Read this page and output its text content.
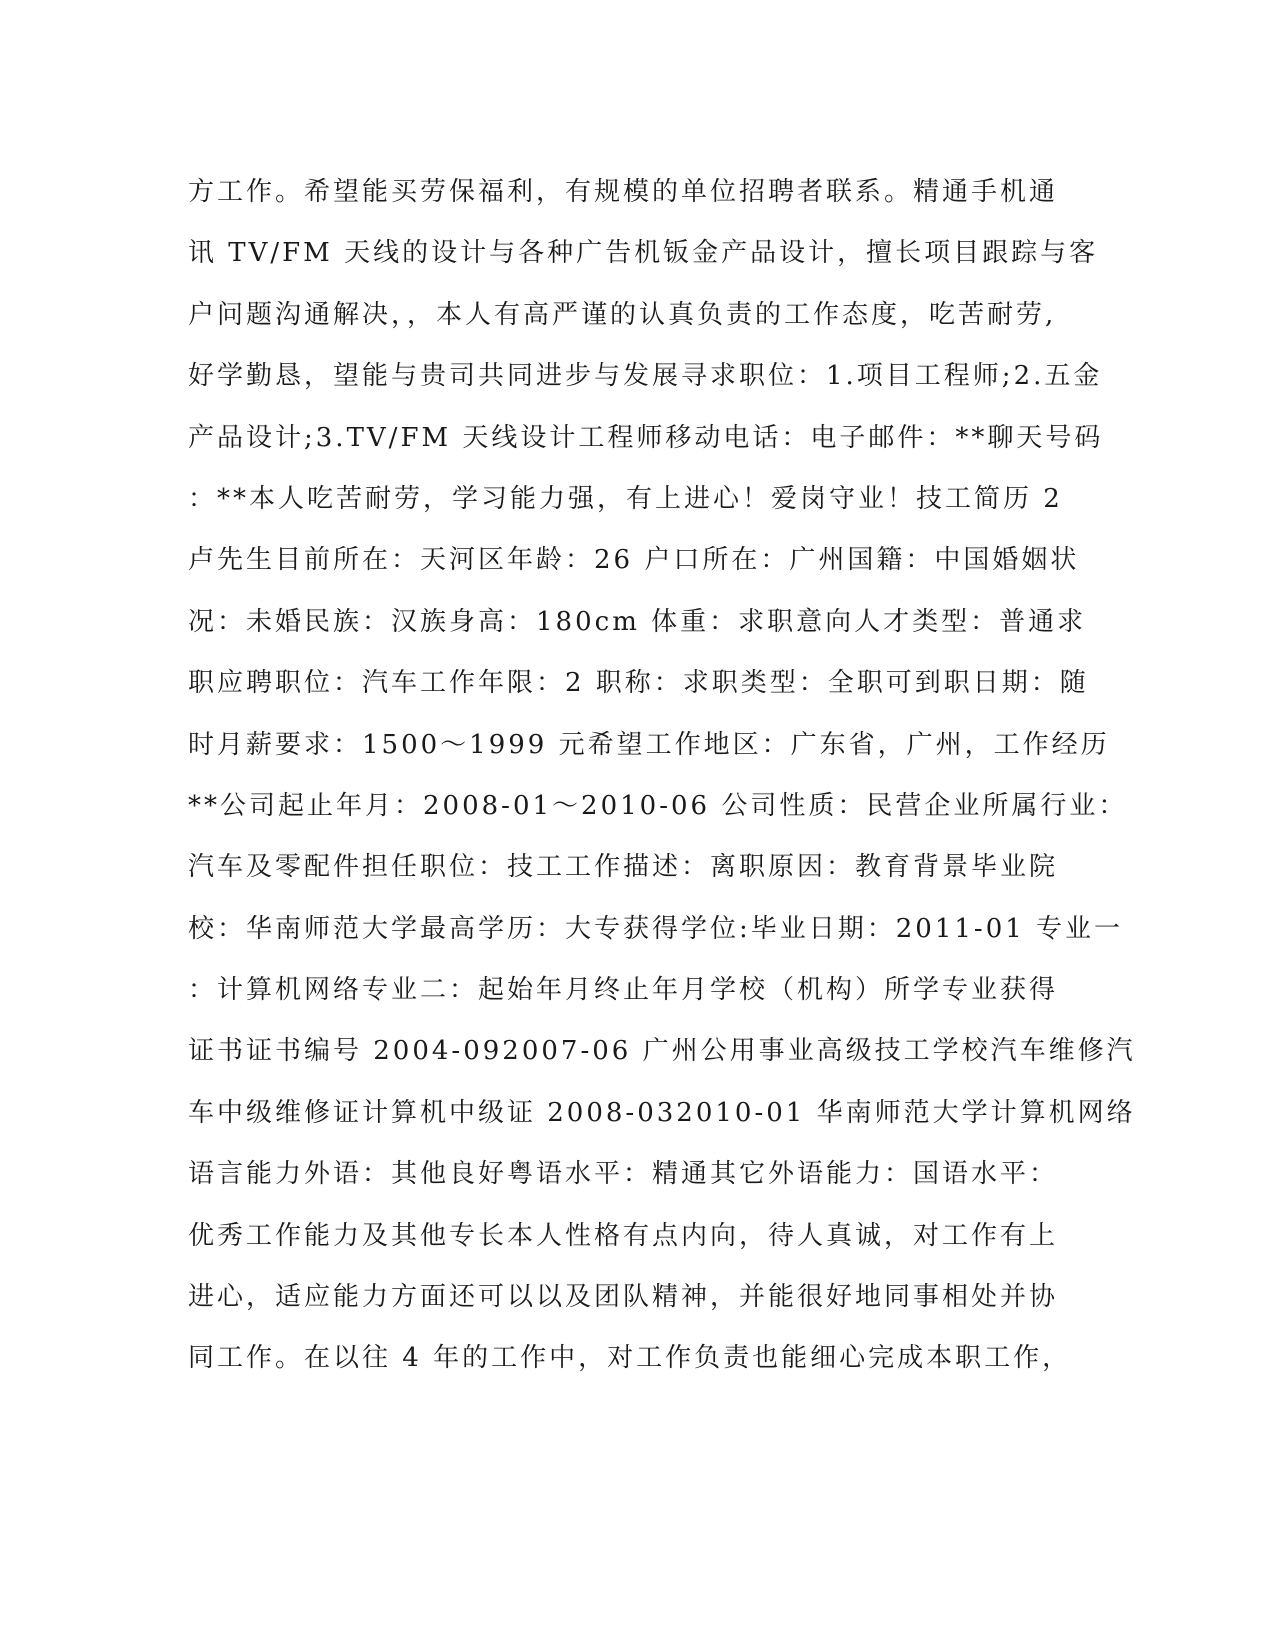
方工作。希望能买劳保福利，有规模的单位招聘者联系。精通手机通
讯 TV/FM 天线的设计与各种广告机钣金产品设计，擅长项目跟踪与客
户问题沟通解决，，本人有高严谨的认真负责的工作态度，吃苦耐劳,
好学勤恳，望能与贵司共同进步与发展寻求职位：1.项目工程师;2.五金
产品设计;3.TV/FM 天线设计工程师移动电话：电子邮件：**聊天号码
：**本人吃苦耐劳，学习能力强，有上进心！爱岗守业！技工简历 2
卢先生目前所在：天河区年龄：26 户口所在：广州国籍：中国婚姻状
况：未婚民族：汉族身高：180cm 体重：求职意向人才类型：普通求
职应聘职位：汽车工作年限：2 职称：求职类型：全职可到职日期：随
时月薪要求：1500～1999 元希望工作地区：广东省，广州，工作经历
**公司起止年月：2008-01～2010-06 公司性质：民营企业所属行业：
汽车及零配件担任职位：技工工作描述：离职原因：教育背景毕业院
校：华南师范大学最高学历：大专获得学位:毕业日期：2011-01 专业一
：计算机网络专业二：起始年月终止年月学校（机构）所学专业获得
证书证书编号 2004-092007-06 广州公用事业高级技工学校汽车维修汽
车中级维修证计算机中级证 2008-032010-01 华南师范大学计算机网络
语言能力外语：其他良好粤语水平：精通其它外语能力：国语水平：
优秀工作能力及其他专长本人性格有点内向，待人真诚，对工作有上
进心，适应能力方面还可以以及团队精神，并能很好地同事相处并协
同工作。在以往 4 年的工作中，对工作负责也能细心完成本职工作，
